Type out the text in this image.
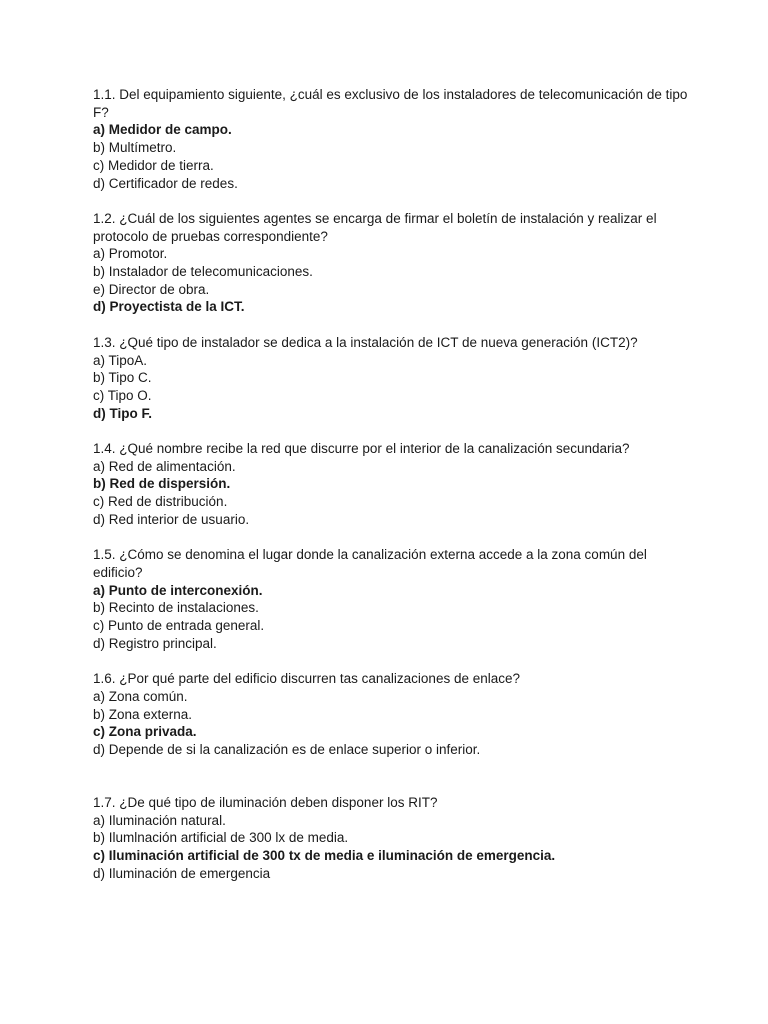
1.1. Del equipamiento siguiente, ¿cuál es exclusivo de los instaladores de telecomunicación de tipo F?
a) Medidor de campo.
b) Multímetro.
c) Medidor de tierra.
d) Certificador de redes.
1.2. ¿Cuál de los siguientes agentes se encarga de firmar el boletín de instalación y realizar el protocolo de pruebas correspondiente?
a) Promotor.
b) Instalador de telecomunicaciones.
e) Director de obra.
d) Proyectista de la ICT.
1.3. ¿Qué tipo de instalador se dedica a la instalación de ICT de nueva generación (ICT2)?
a) TipoA.
b) Tipo C.
c) Tipo O.
d) Tipo F.
1.4. ¿Qué nombre recibe la red que discurre por el interior de la canalización secundaria?
a) Red de alimentación.
b) Red de dispersión.
c) Red de distribución.
d) Red interior de usuario.
1.5. ¿Cómo se denomina el lugar donde la canalización externa accede a la zona común del edificio?
a) Punto de interconexión.
b) Recinto de instalaciones.
c) Punto de entrada general.
d) Registro principal.
1.6. ¿Por qué parte del edificio discurren tas canalizaciones de enlace?
a) Zona común.
b) Zona externa.
c) Zona privada.
d) Depende de si la canalización es de enlace superior o inferior.
1.7. ¿De qué tipo de iluminación deben disponer los RIT?
a) Iluminación natural.
b) Ilumlnación artificial de 300 lx de media.
c) Iluminación artificial de 300 tx de media e iluminación de emergencia.
d) Iluminación de emergencia
